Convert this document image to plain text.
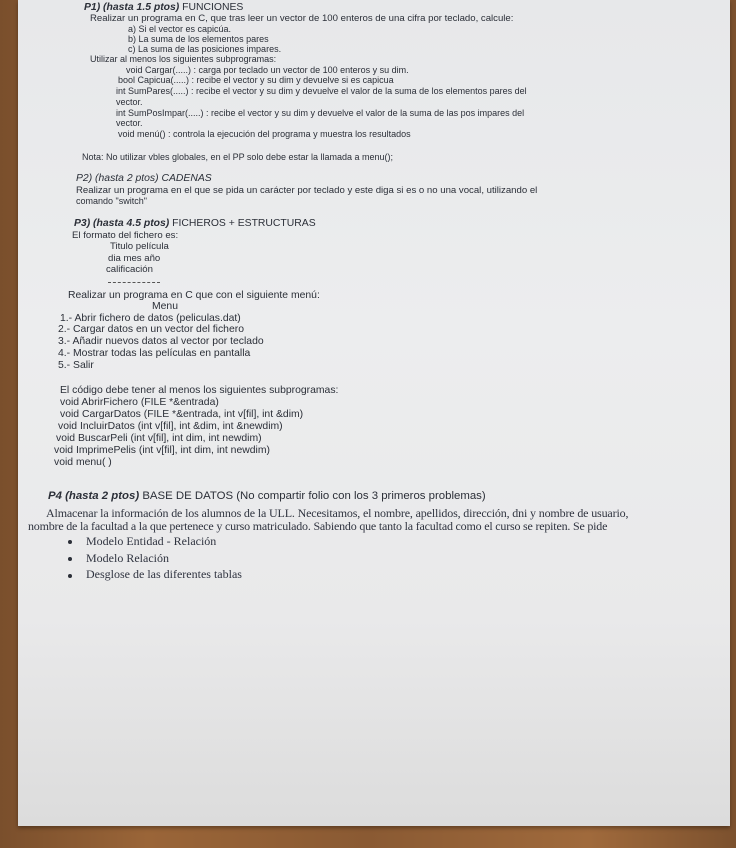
P1) (hasta 1.5 ptos) FUNCIONES
Realizar un programa en C, que tras leer un vector de 100 enteros de una cifra por teclado, calcule:
a) Si el vector es capicúa.
b) La suma de los elementos pares
c) La suma de las posiciones impares.
Utilizar al menos los siguientes subprogramas:
void Cargar(.....) : carga por teclado un vector de 100 enteros y su dim.
bool Capicua(.....) : recibe el vector y su dim y devuelve si es capicua
int SumPares(.....) : recibe el vector y su dim y devuelve el valor de la suma de los elementos pares del
vector.
int SumPosImpar(.....) : recibe el vector y su dim y devuelve el valor de la suma de las pos impares del
vector.
void menú() : controla la ejecución del programa y muestra los resultados
Nota: No utilizar vbles globales, en el PP solo debe estar la llamada a menu();
P2) (hasta 2 ptos) CADENAS
Realizar un programa en el que se pida un carácter por teclado y este diga si es o no una vocal, utilizando el
comando "switch"
P3) (hasta 4.5 ptos) FICHEROS + ESTRUCTURAS
El formato del fichero es:
Titulo película
dia mes año
calificación
Realizar un programa en C que con el siguiente menú:
Menu
1.- Abrir fichero de datos (peliculas.dat)
2.- Cargar datos en un vector del fichero
3.- Añadir nuevos datos al vector por teclado
4.- Mostrar todas las películas en pantalla
5.- Salir
El código debe tener al menos los siguientes subprogramas:
void AbrirFichero (FILE *&entrada)
void CargarDatos (FILE *&entrada, int v[fil], int &dim)
void IncluirDatos (int v[fil], int &dim, int &newdim)
void BuscarPeli (int v[fil], int dim, int newdim)
void ImprimePelis (int v[fil], int dim, int newdim)
void menu( )
P4 (hasta 2 ptos) BASE DE DATOS (No compartir folio con los 3 primeros problemas)
Almacenar la información de los alumnos de la ULL. Necesitamos, el nombre, apellidos, dirección, dni y nombre de usuario,
nombre de la facultad a la que pertenece y curso matriculado. Sabiendo que tanto la facultad como el curso se repiten. Se pide
Modelo Entidad - Relación
Modelo Relación
Desglose de las diferentes tablas
